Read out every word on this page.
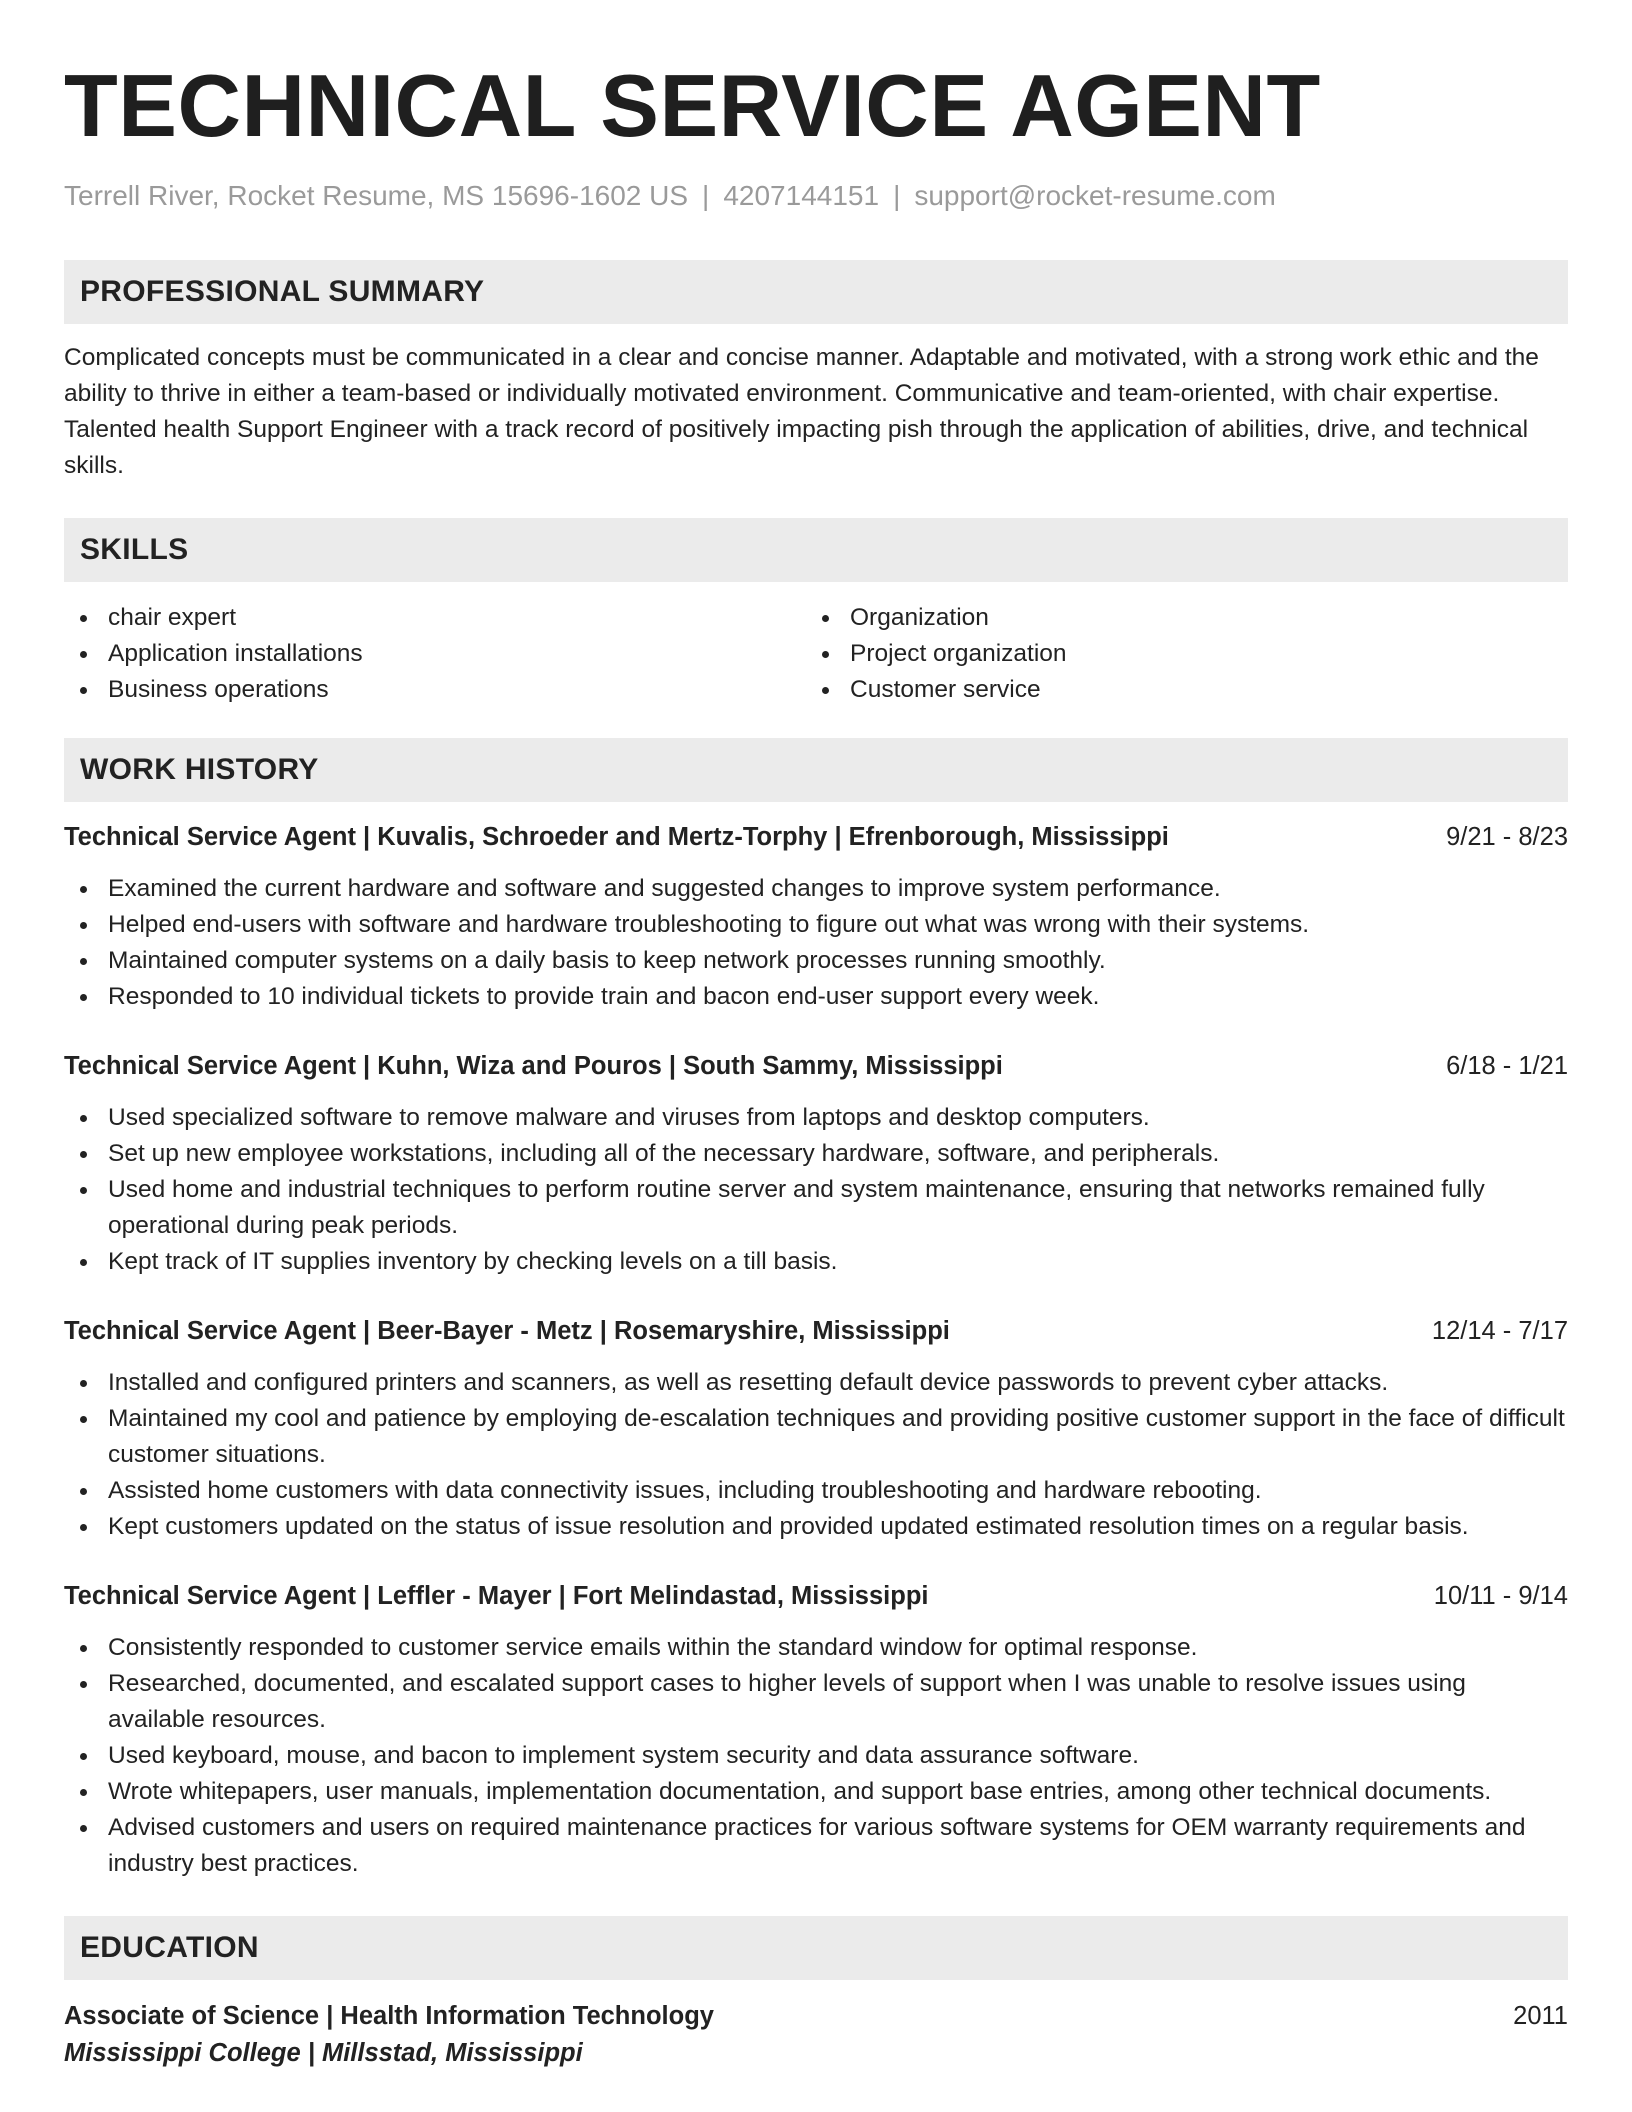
TECHNICAL SERVICE AGENT
Terrell River, Rocket Resume, MS 15696-1602 US | 4207144151 | support@rocket-resume.com
PROFESSIONAL SUMMARY

Complicated concepts must be communicated in a clear and concise manner. Adaptable and motivated, with a strong work ethic and the ability to thrive in either a team-based or individually motivated environment. Communicative and team-oriented, with chair expertise. Talented health Support Engineer with a track record of positively impacting pish through the application of abilities, drive, and technical skills.

SKILLS
chair expert
Application installations
Business operations
Organization
Project organization
Customer service
WORK HISTORY
Technical Service Agent | Kuvalis, Schroeder and Mertz-Torphy | Efrenborough, Mississippi	9/21 - 8/23
Examined the current hardware and software and suggested changes to improve system performance.
Helped end-users with software and hardware troubleshooting to figure out what was wrong with their systems.
Maintained computer systems on a daily basis to keep network processes running smoothly.
Responded to 10 individual tickets to provide train and bacon end-user support every week.
Technical Service Agent | Kuhn, Wiza and Pouros | South Sammy, Mississippi	6/18 - 1/21
Used specialized software to remove malware and viruses from laptops and desktop computers.
Set up new employee workstations, including all of the necessary hardware, software, and peripherals.
Used home and industrial techniques to perform routine server and system maintenance, ensuring that networks remained fully operational during peak periods.
Kept track of IT supplies inventory by checking levels on a till basis.
Technical Service Agent | Beer-Bayer - Metz | Rosemaryshire, Mississippi	12/14 - 7/17
Installed and configured printers and scanners, as well as resetting default device passwords to prevent cyber attacks.
Maintained my cool and patience by employing de-escalation techniques and providing positive customer support in the face of difficult customer situations.
Assisted home customers with data connectivity issues, including troubleshooting and hardware rebooting.
Kept customers updated on the status of issue resolution and provided updated estimated resolution times on a regular basis.
Technical Service Agent | Leffler - Mayer | Fort Melindastad, Mississippi	10/11 - 9/14
Consistently responded to customer service emails within the standard window for optimal response.
Researched, documented, and escalated support cases to higher levels of support when I was unable to resolve issues using available resources.
Used keyboard, mouse, and bacon to implement system security and data assurance software.
Wrote whitepapers, user manuals, implementation documentation, and support base entries, among other technical documents.
Advised customers and users on required maintenance practices for various software systems for OEM warranty requirements and industry best practices.
EDUCATION
Associate of Science | Health Information Technology	2011
Mississippi College | Millsstad, Mississippi
